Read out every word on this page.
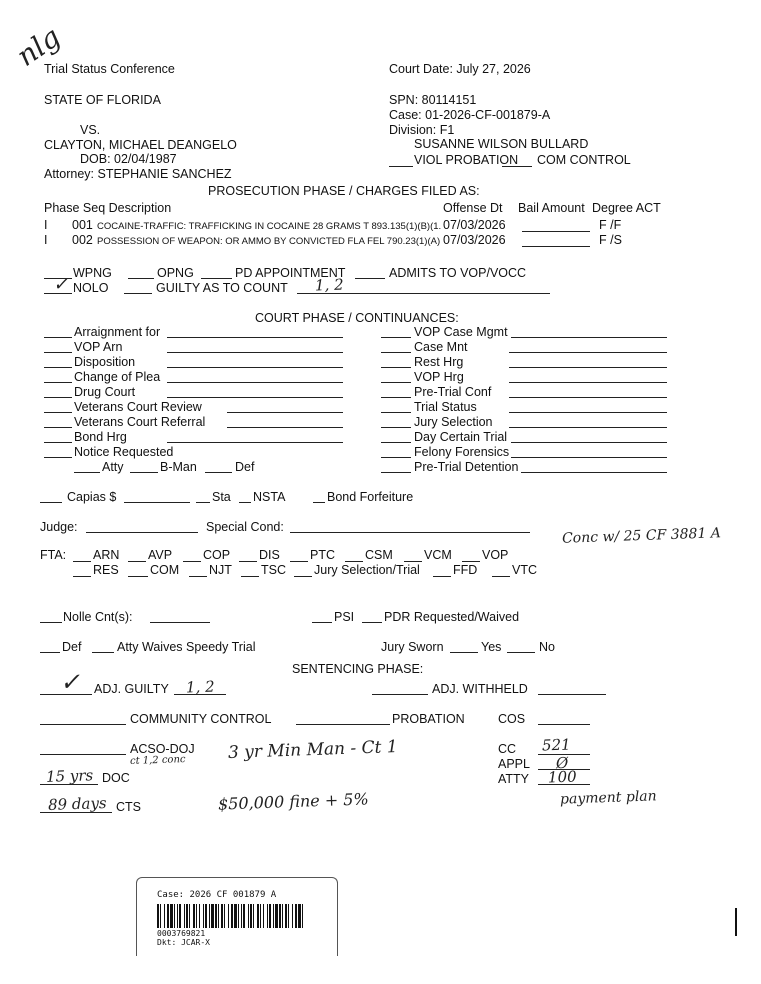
nlg
Trial Status Conference	Court Date: July 27, 2026
STATE OF FLORIDA	SPN: 80114151
Case: 01-2026-CF-001879-A
VS.	Division: F1
CLAYTON, MICHAEL DEANGELO	SUSANNE WILSON BULLARD
DOB: 02/04/1987	VIOL PROBATION COM CONTROL
Attorney: STEPHANIE SANCHEZ
PROSECUTION PHASE / CHARGES FILED AS:
Phase Seq Description	Offense Dt Bail Amount Degree ACT
I 001 COCAINE-TRAFFIC: TRAFFICKING IN COCAINE 28 GRAMS T 893.135(1)(B)(1. 07/03/2026	F /F
I 002 POSSESSION OF WEAPON: OR AMMO BY CONVICTED FLA FEL 790.23(1)(A) 07/03/2026	F /S
WPNG	OPNG	PD APPOINTMENT	ADMITS TO VOP/VOCC
✓ NOLO	GUILTY AS TO COUNT 1, 2
COURT PHASE / CONTINUANCES:
Arraignment for
VOP Arn
Disposition
Change of Plea
Drug Court
Veterans Court Review
Veterans Court Referral
Bond Hrg
Notice Requested
Atty	B-Man	Def
VOP Case Mgmt
Case Mnt
Rest Hrg
VOP Hrg
Pre-Trial Conf
Trial Status
Jury Selection
Day Certain Trial
Felony Forensics
Pre-Trial Detention
Capias $	Sta NSTA	Bond Forfeiture
Judge:	Special Cond:	Conc w/ 25 CF 3881 A
FTA: ARN AVP COP DIS PTC CSM VCM VOP
RES	COM NJT TSC Jury Selection/Trial	FFD	VTC
Nolle Cnt(s):	PSI PDR Requested/Waived
Def	Atty Waives Speedy Trial	Jury Sworn	Yes	No
SENTENCING PHASE:
✓ ADJ. GUILTY 1, 2	ADJ. WITHHELD
COMMUNITY CONTROL	PROBATION	COS
ACSO-DOJ
ct 1,2 conc 3 yr Min Man - Ct 1	CC 521
APPL Ø
ATTY 100
15 yrs DOC
89 days CTS	$50,000 fine + 5%	payment plan
Case: 2026 CF 001879 A
0003769821
Dkt: JCAR-X
